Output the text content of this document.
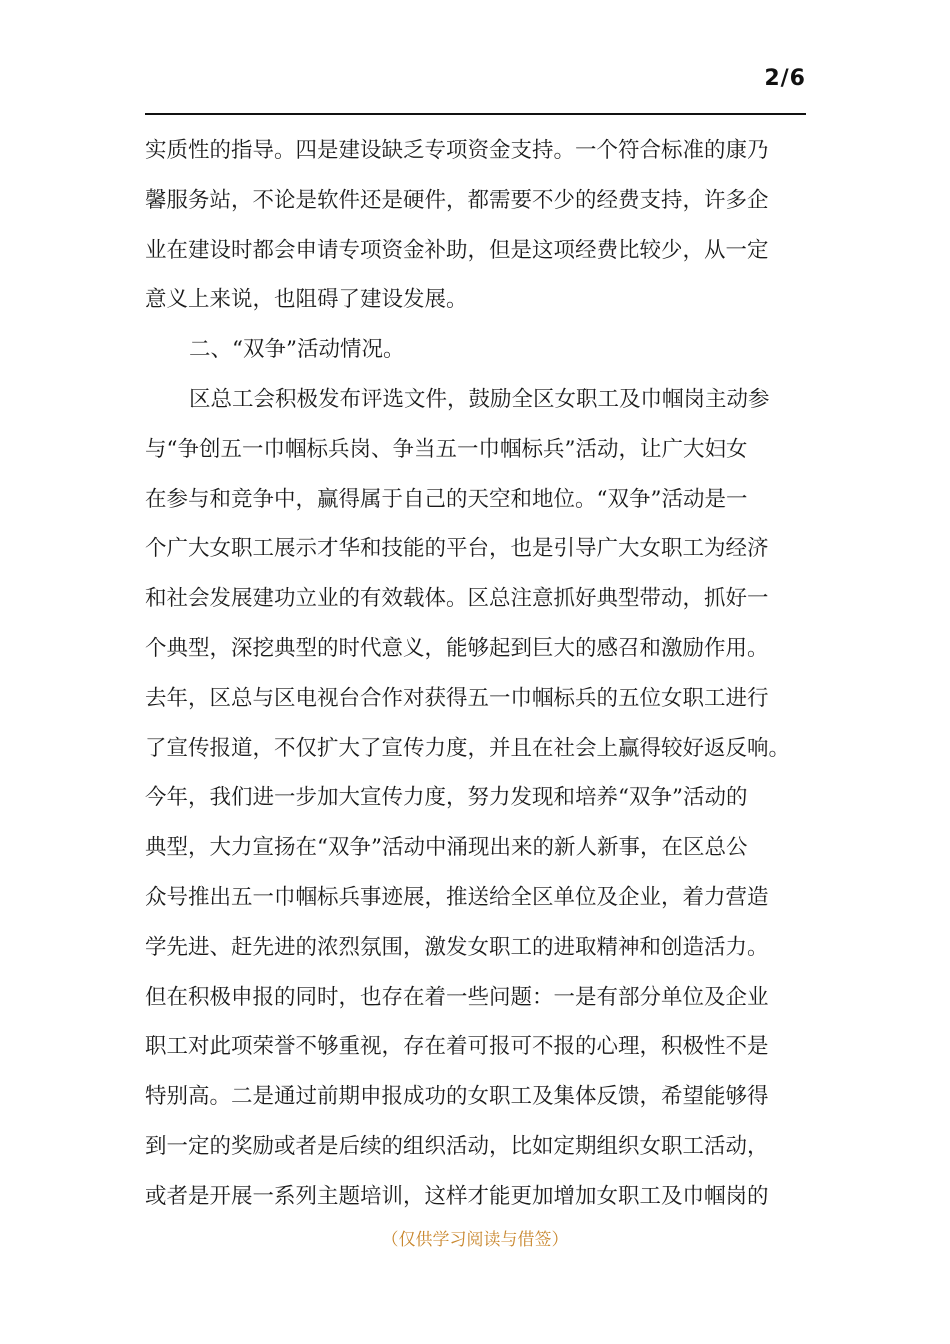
2/6
实质性的指导。四是建设缺乏专项资金支持。一个符合标准的康乃
馨服务站，不论是软件还是硬件，都需要不少的经费支持，许多企
业在建设时都会申请专项资金补助，但是这项经费比较少，从一定
意义上来说，也阻碍了建设发展。
二、“双争”活动情况。
区总工会积极发布评选文件，鼓励全区女职工及巾帼岗主动参
与“争创五一巾帼标兵岗、争当五一巾帼标兵”活动，让广大妇女
在参与和竞争中，赢得属于自己的天空和地位。“双争”活动是一
个广大女职工展示才华和技能的平台，也是引导广大女职工为经济
和社会发展建功立业的有效载体。区总注意抓好典型带动，抓好一
个典型，深挖典型的时代意义，能够起到巨大的感召和激励作用。
去年，区总与区电视台合作对获得五一巾帼标兵的五位女职工进行
了宣传报道，不仅扩大了宣传力度，并且在社会上赢得较好返反响。
今年，我们进一步加大宣传力度，努力发现和培养“双争”活动的
典型，大力宣扬在“双争”活动中涌现出来的新人新事，在区总公
众号推出五一巾帼标兵事迹展，推送给全区单位及企业，着力营造
学先进、赶先进的浓烈氛围，激发女职工的进取精神和创造活力。
但在积极申报的同时，也存在着一些问题：一是有部分单位及企业
职工对此项荣誉不够重视，存在着可报可不报的心理，积极性不是
特别高。二是通过前期申报成功的女职工及集体反馈，希望能够得
到一定的奖励或者是后续的组织活动，比如定期组织女职工活动，
或者是开展一系列主题培训，这样才能更加增加女职工及巾帼岗的
（仅供学习阅读与借签）
